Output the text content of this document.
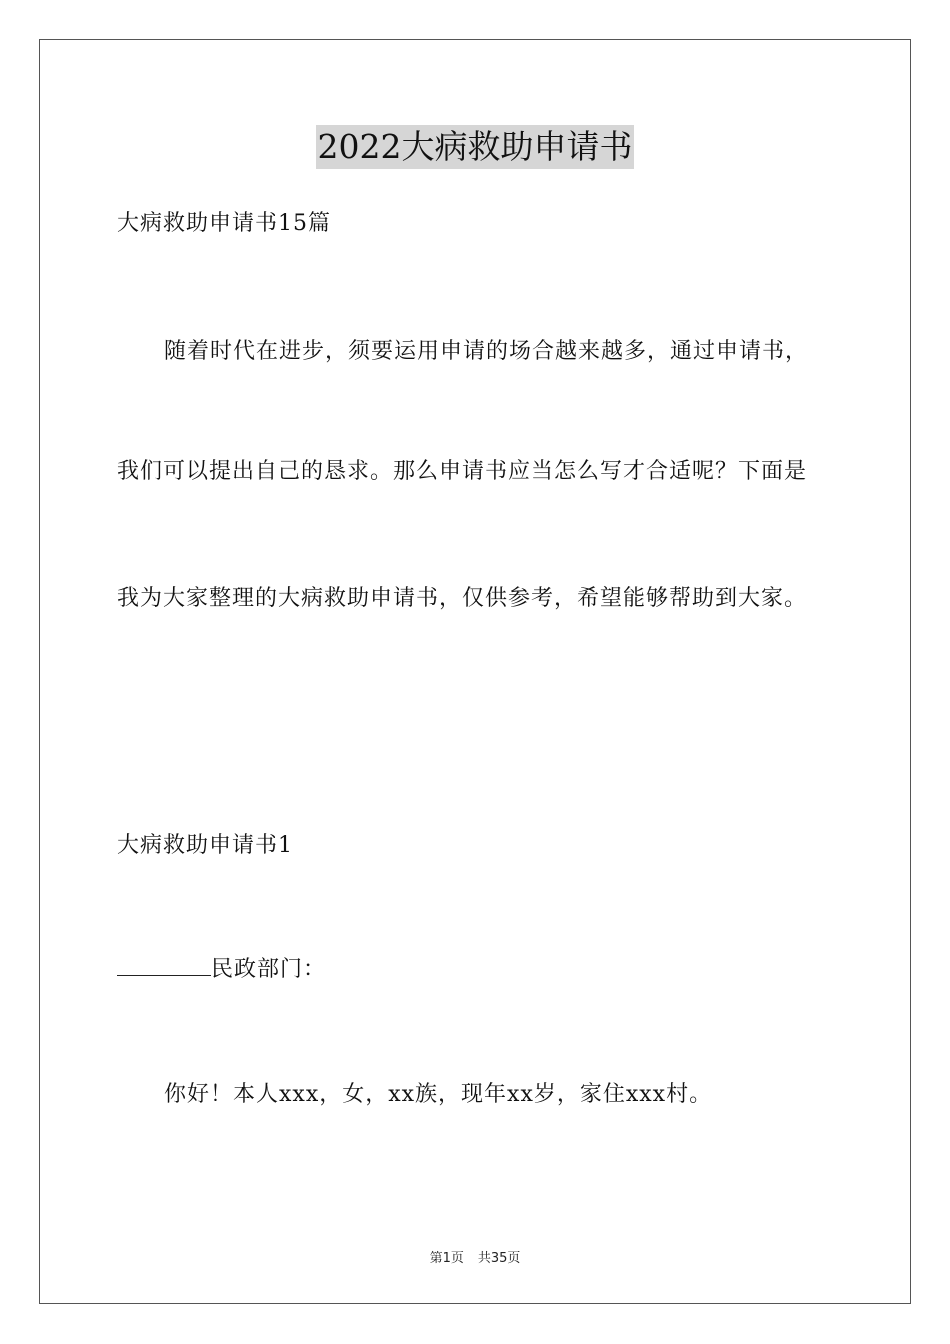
2022大病救助申请书
大病救助申请书15篇
随着时代在进步，须要运用申请的场合越来越多，通过申请书，
我们可以提出自己的恳求。那么申请书应当怎么写才合适呢？下面是
我为大家整理的大病救助申请书，仅供参考，希望能够帮助到大家。
大病救助申请书1
民政部门：
你好！本人xxx，女，xx族，现年xx岁，家住xxx村。
第1页 共35页
